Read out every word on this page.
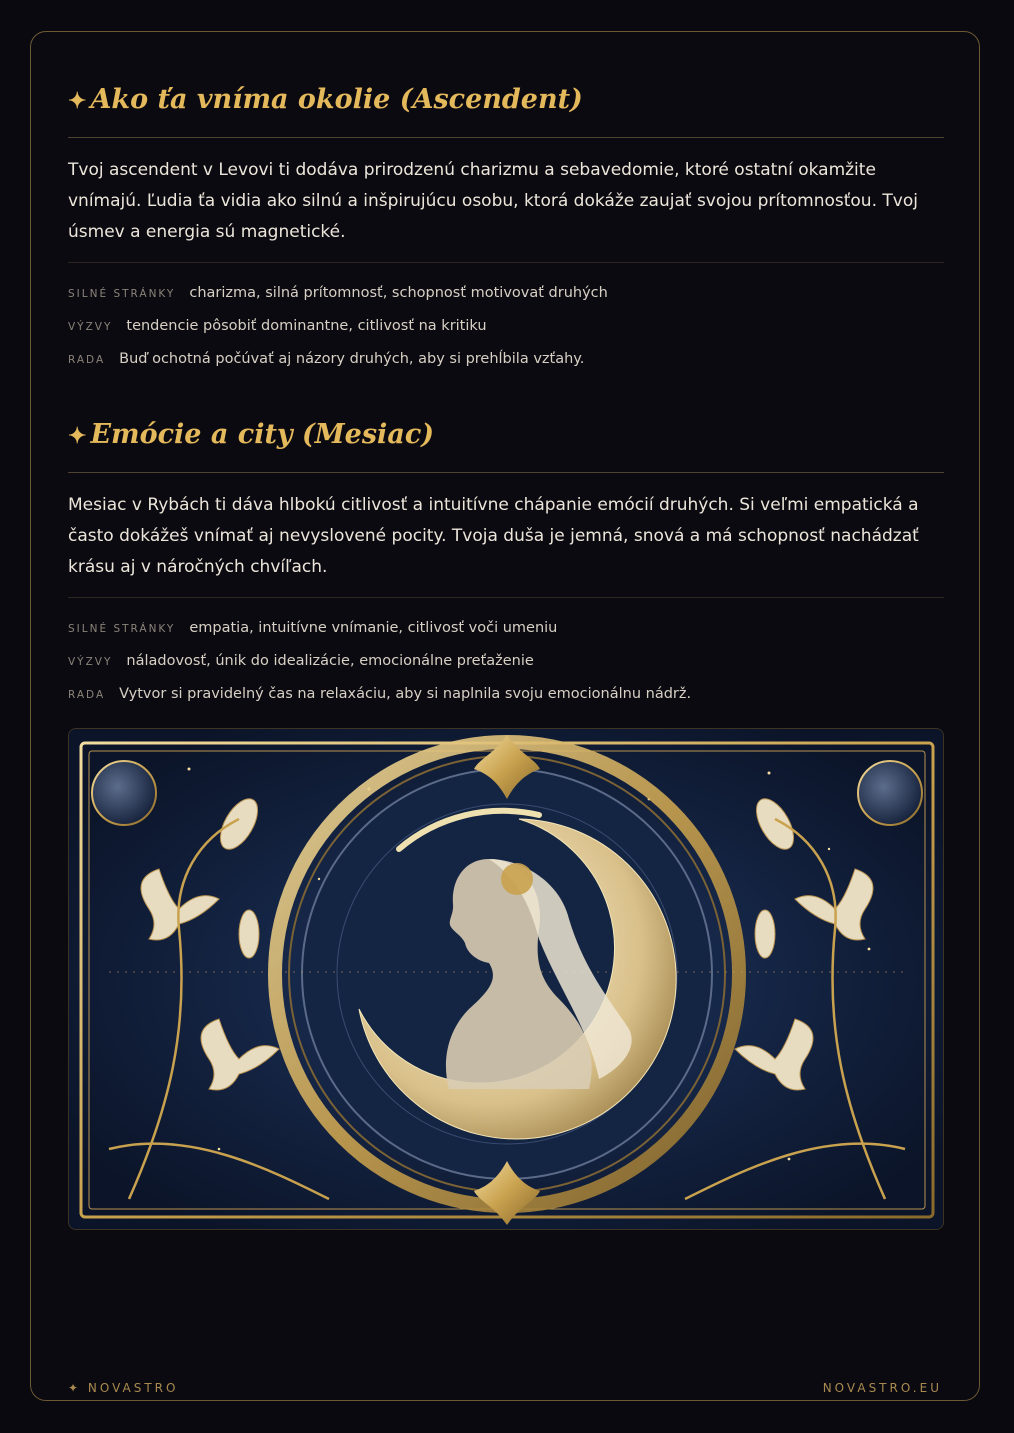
✦ Ako ťa vníma okolie (Ascendent)

Tvoj ascendent v Levovi ti dodáva prirodzenú charizmu a sebavedomie, ktoré ostatní okamžite vnímajú. Ľudia ťa vidia ako silnú a inšpirujúcu osobu, ktorá dokáže zaujať svojou prítomnosťou. Tvoj úsmev a energia sú magnetické.

SILNÉ STRÁNKY charizma, silná prítomnosť, schopnosť motivovať druhých
VÝZVY tendencie pôsobiť dominantne, citlivosť na kritiku
RADA Buď ochotná počúvať aj názory druhých, aby si prehĺbila vzťahy.
✦ Emócie a city (Mesiac)

Mesiac v Rybách ti dáva hlbokú citlivosť a intuitívne chápanie emócií druhých. Si veľmi empatická a často dokážeš vnímať aj nevyslovené pocity. Tvoja duša je jemná, snová a má schopnosť nachádzať krásu aj v náročných chvíľach.

SILNÉ STRÁNKY empatia, intuitívne vnímanie, citlivosť voči umeniu
VÝZVY náladovosť, únik do idealizácie, emocionálne preťaženie
RADA Vytvor si pravidelný čas na relaxáciu, aby si naplnila svoju emocionálnu nádrž.
✦ NOVASTRO	NOVASTRO.EU
